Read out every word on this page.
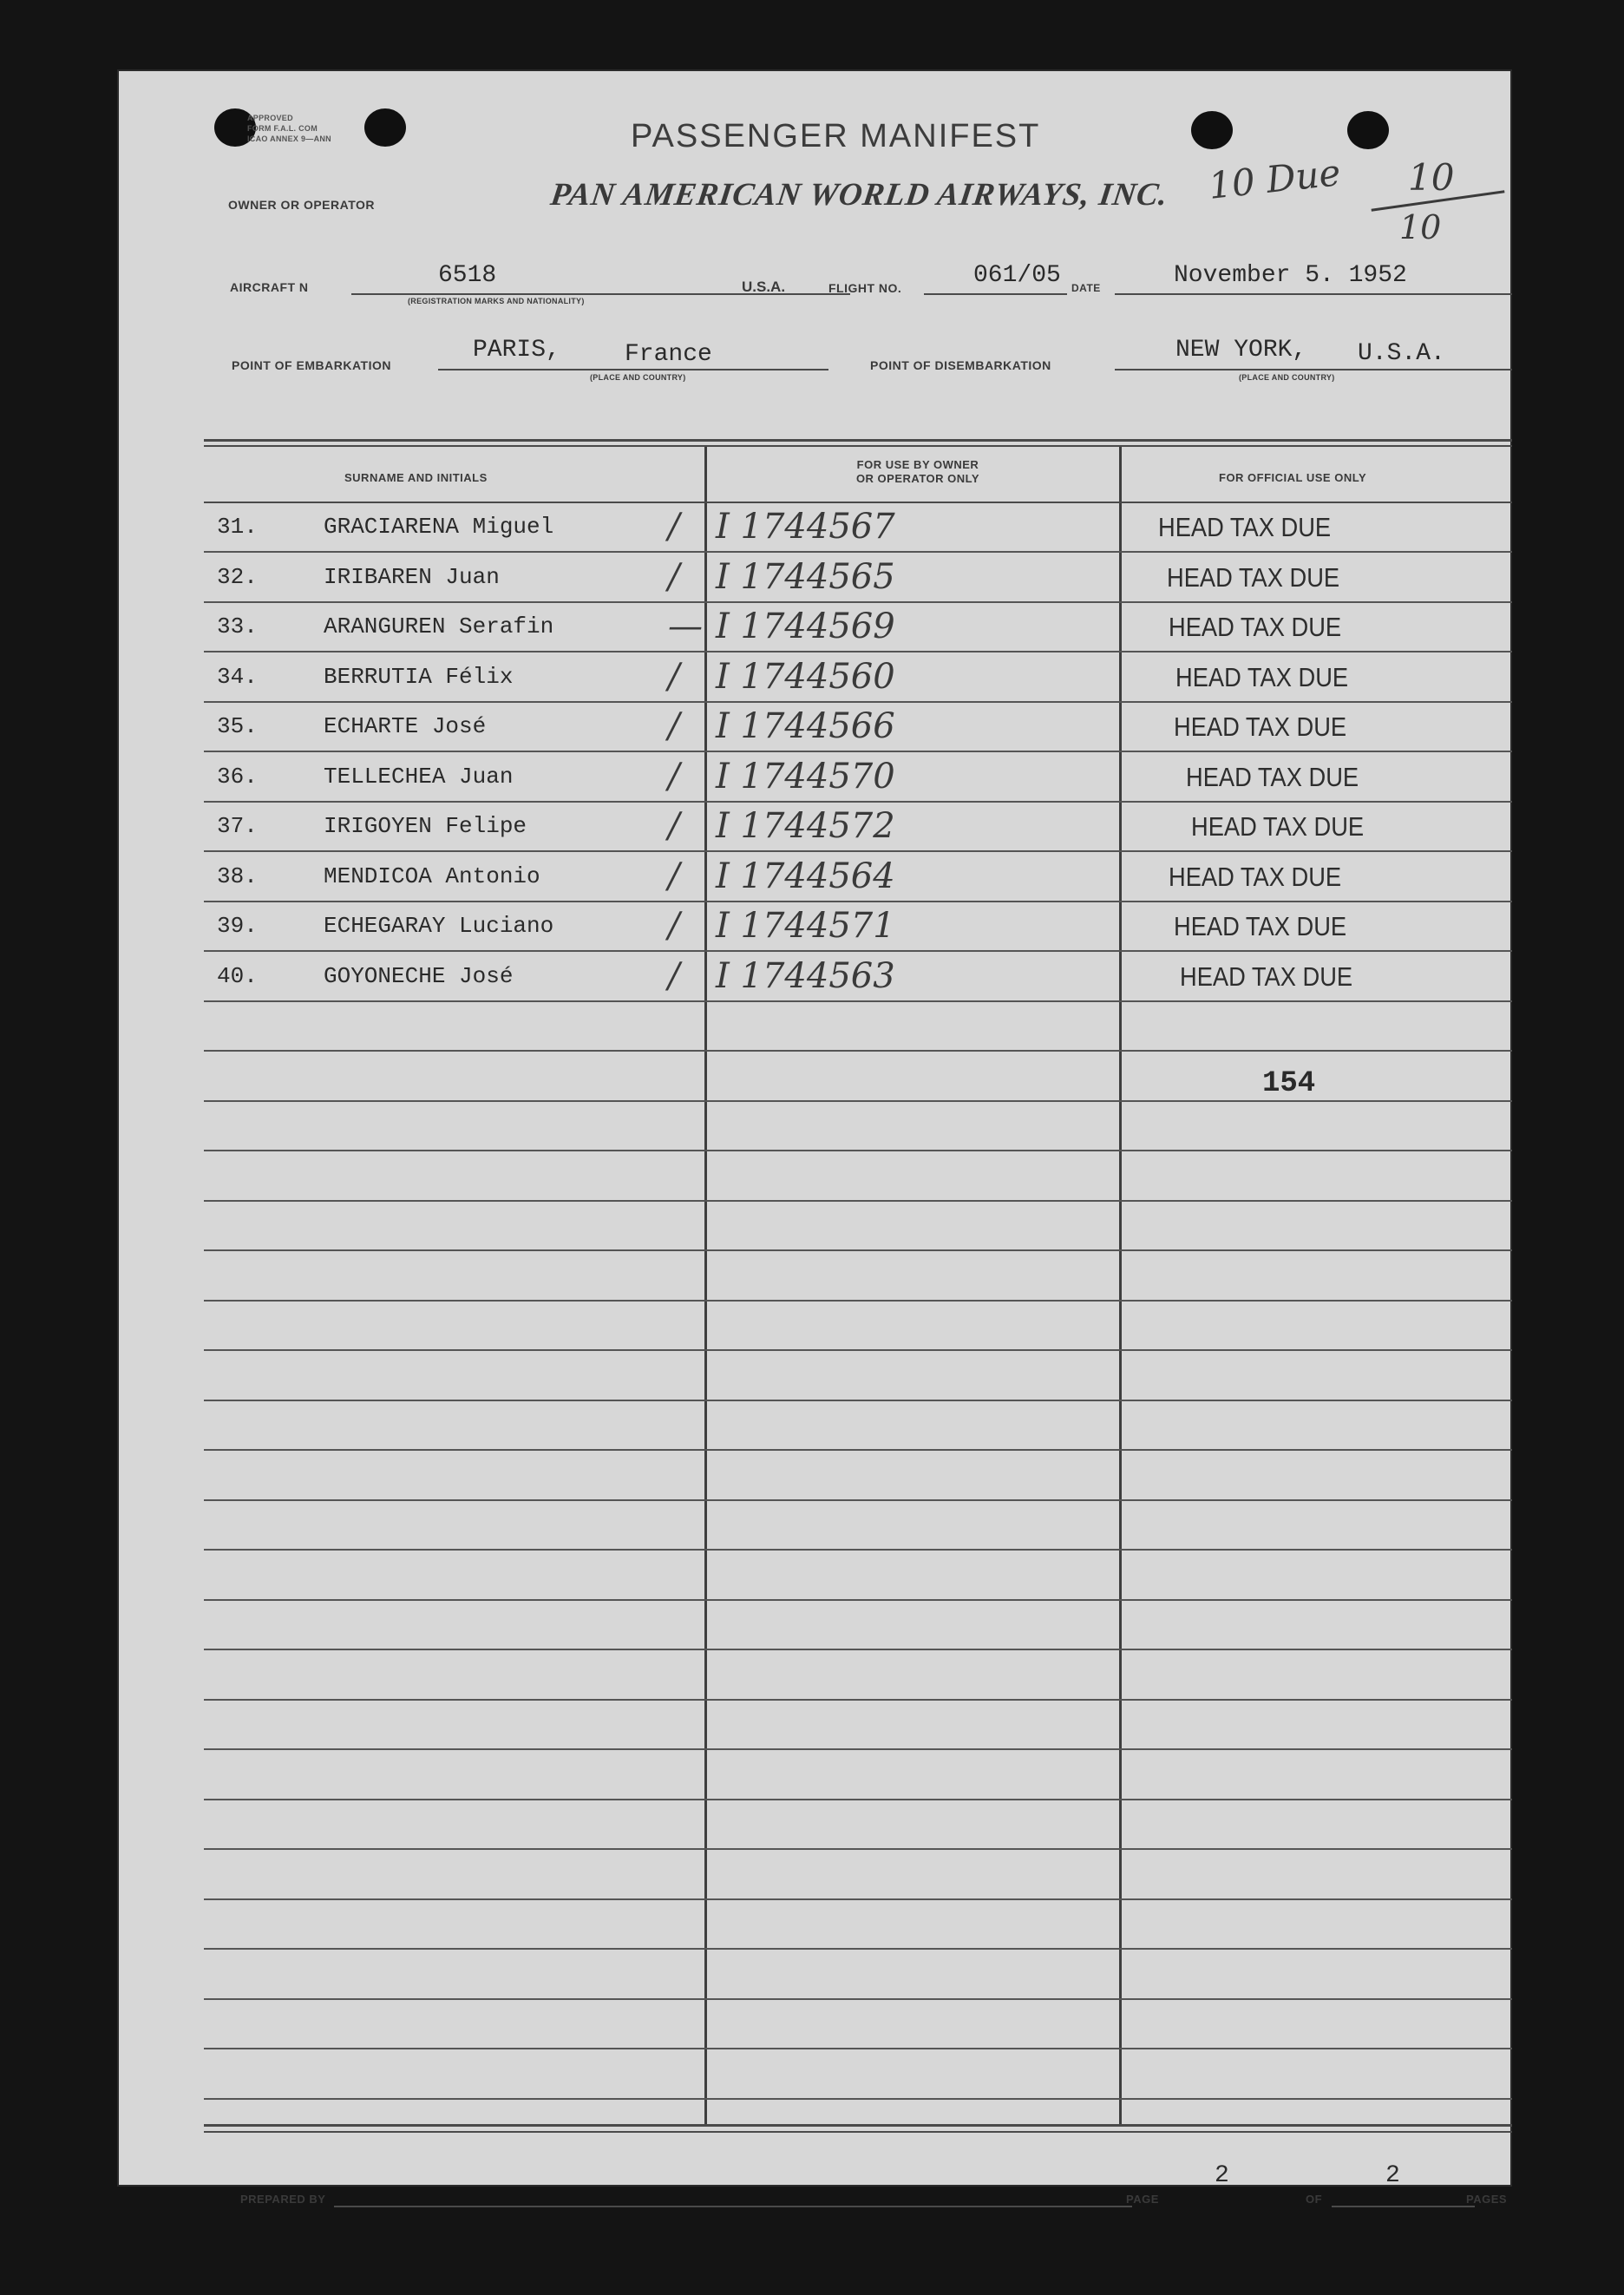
APPROVED
FORM F.A.L. COM
ICAO ANNEX 9—ANN	PASSENGER MANIFEST
OWNER OR OPERATOR	PAN AMERICAN WORLD AIRWAYS, INC. 10 Due 10
10
AIRCRAFT N	6518
(REGISTRATION MARKS AND NATIONALITY)
U.S.A.	FLIGHT NO.	061/05 DATE	November 5. 1952
POINT OF EMBARKATION
PARIS,	France
(PLACE AND COUNTRY)
POINT OF DISEMBARKATION
NEW YORK, U.S.A.
(PLACE AND COUNTRY)
SURNAME AND INITIALS
FOR USE BY OWNER
OR OPERATOR ONLY	FOR OFFICIAL USE ONLY
31.	GRACIARENA Miguel	/ I 1744567	HEAD TAX DUE
32.	IRIBAREN Juan	/ I 1744565	HEAD TAX DUE
33.	ARANGUREN Serafin	— I 1744569	HEAD TAX DUE
34.	BERRUTIA Félix	/ I 1744560	HEAD TAX DUE
35.	ECHARTE José	/ I 1744566	HEAD TAX DUE
36.	TELLECHEA Juan	/ I 1744570	HEAD TAX DUE
37.	IRIGOYEN Felipe	/ I 1744572	HEAD TAX DUE
38.	MENDICOA Antonio	/ I 1744564	HEAD TAX DUE
39.	ECHEGARAY Luciano	/ I 1744571	HEAD TAX DUE
40.	GOYONECHE José	/ I 1744563	HEAD TAX DUE
154
PREPARED BY	PAGE
2
OF
2
PAGES
